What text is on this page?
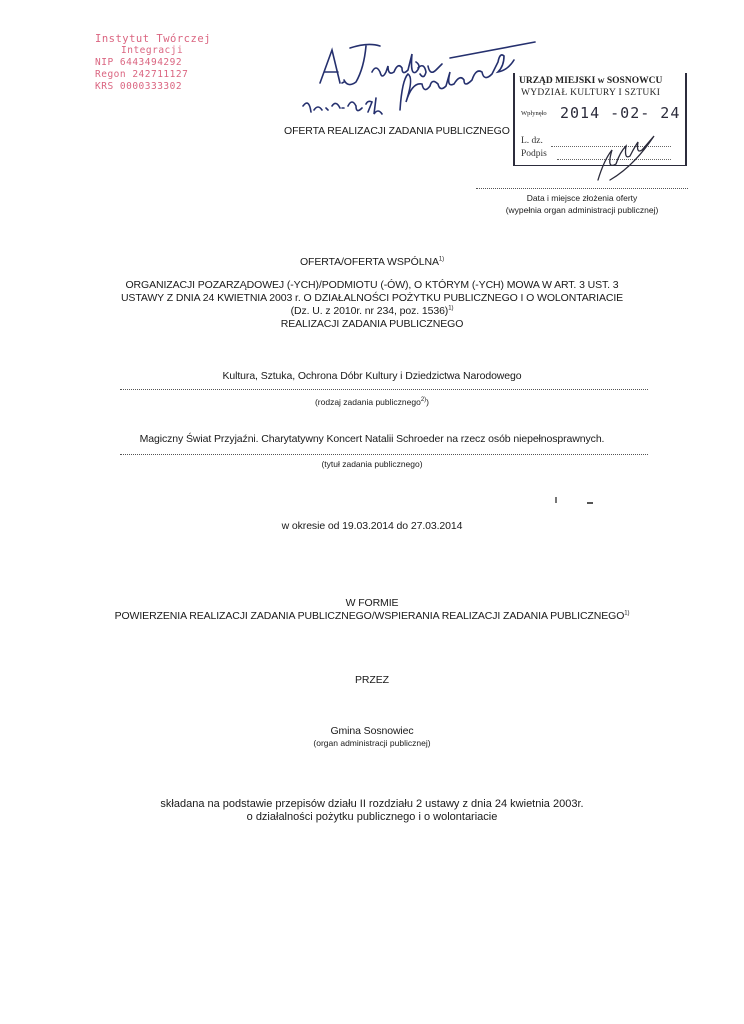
Instytut Twórczej
Integracji
NIP 6443494292
Regon 242711127
KRS 0000333302	URZĄD MIEJSKI w SOSNOWCU
WYDZIAŁ KULTURY I SZTUKI
Wpłynęło 2014 -02- 24
L. dz.
Podpis
OFERTA REALIZACJI ZADANIA PUBLICZNEGO
Data i miejsce złożenia oferty
(wypełnia organ administracji publicznej)
OFERTA/OFERTA WSPÓLNA$^{1)}$
ORGANIZACJI POZARZĄDOWEJ (-YCH)/PODMIOTU (-ÓW), O KTÓRYM (-YCH) MOWA W ART. 3 UST. 3
USTAWY Z DNIA 24 KWIETNIA 2003 r. O DZIAŁALNOŚCI POŻYTKU PUBLICZNEGO I O WOLONTARIACIE
(Dz. U. z 2010r. nr 234, poz. 1536)$^{1)}$
REALIZACJI ZADANIA PUBLICZNEGO
Kultura, Sztuka, Ochrona Dóbr Kultury i Dziedzictwa Narodowego
(rodzaj zadania publicznego$^{2)}$)
Magiczny Świat Przyjaźni. Charytatywny Koncert Natalii Schroeder na rzecz osób niepełnosprawnych.
(tytuł zadania publicznego)
w okresie od 19.03.2014 do 27.03.2014
W FORMIE
POWIERZENIA REALIZACJI ZADANIA PUBLICZNEGO/WSPIERANIA REALIZACJI ZADANIA PUBLICZNEGO$^{1)}$
PRZEZ
Gmina Sosnowiec
(organ administracji publicznej)
składana na podstawie przepisów działu II rozdziału 2 ustawy z dnia 24 kwietnia 2003r.
o działalności pożytku publicznego i o wolontariacie
